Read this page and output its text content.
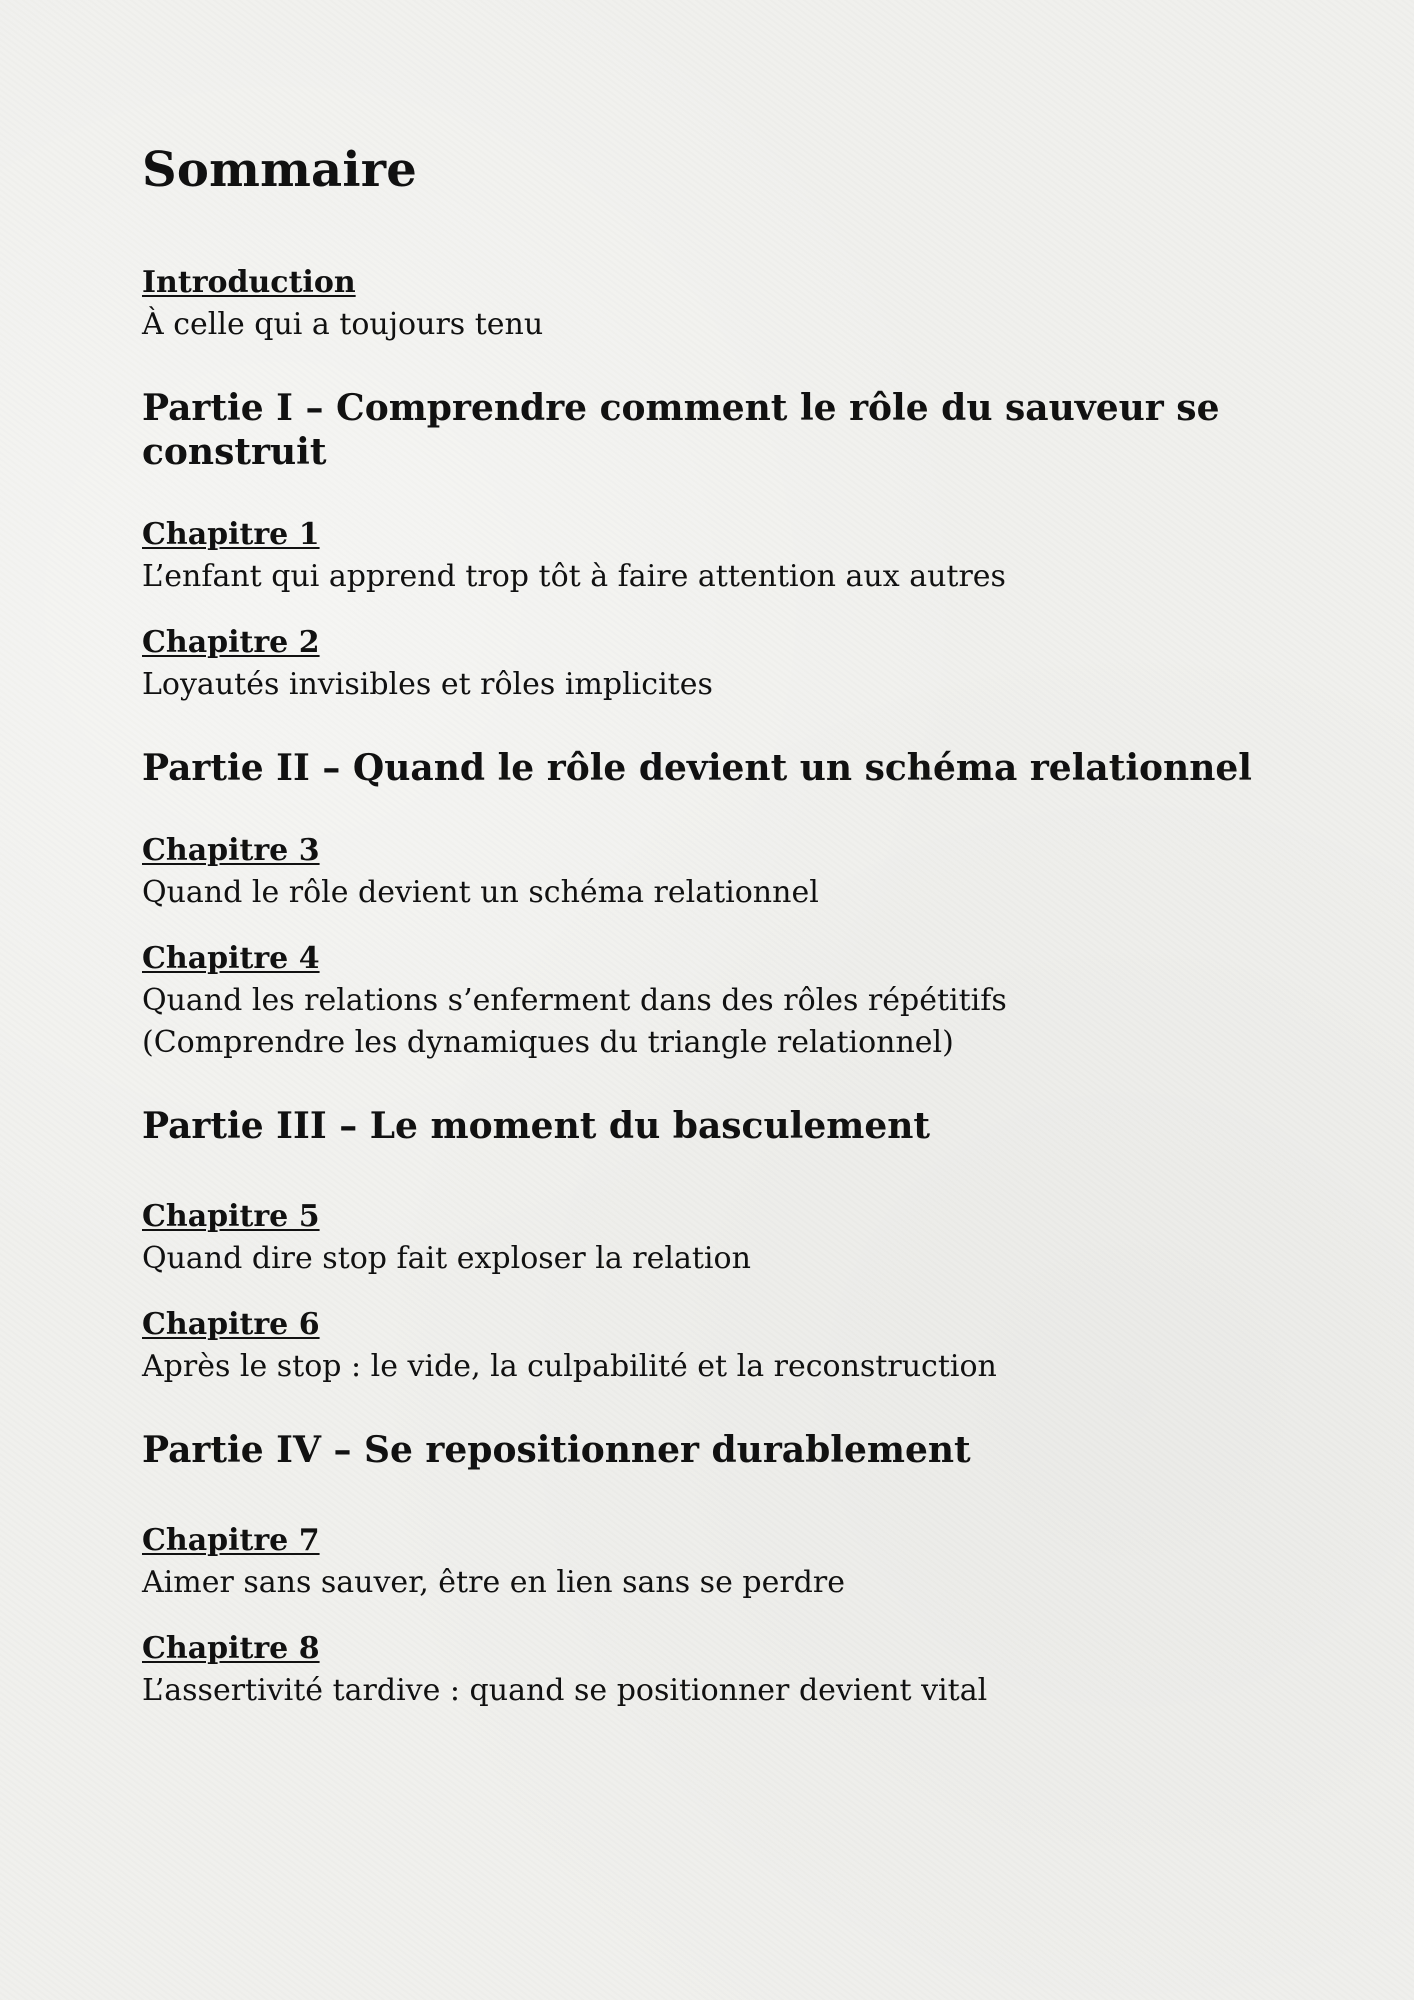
Sommaire
Introduction
À celle qui a toujours tenu
Partie I – Comprendre comment le rôle du sauveur se construit
Chapitre 1
L’enfant qui apprend trop tôt à faire attention aux autres
Chapitre 2
Loyautés invisibles et rôles implicites
Partie II – Quand le rôle devient un schéma relationnel
Chapitre 3
Quand le rôle devient un schéma relationnel
Chapitre 4
Quand les relations s’enferment dans des rôles répétitifs
(Comprendre les dynamiques du triangle relationnel)
Partie III – Le moment du basculement
Chapitre 5
Quand dire stop fait exploser la relation
Chapitre 6
Après le stop : le vide, la culpabilité et la reconstruction
Partie IV – Se repositionner durablement
Chapitre 7
Aimer sans sauver, être en lien sans se perdre
Chapitre 8
L’assertivité tardive : quand se positionner devient vital
